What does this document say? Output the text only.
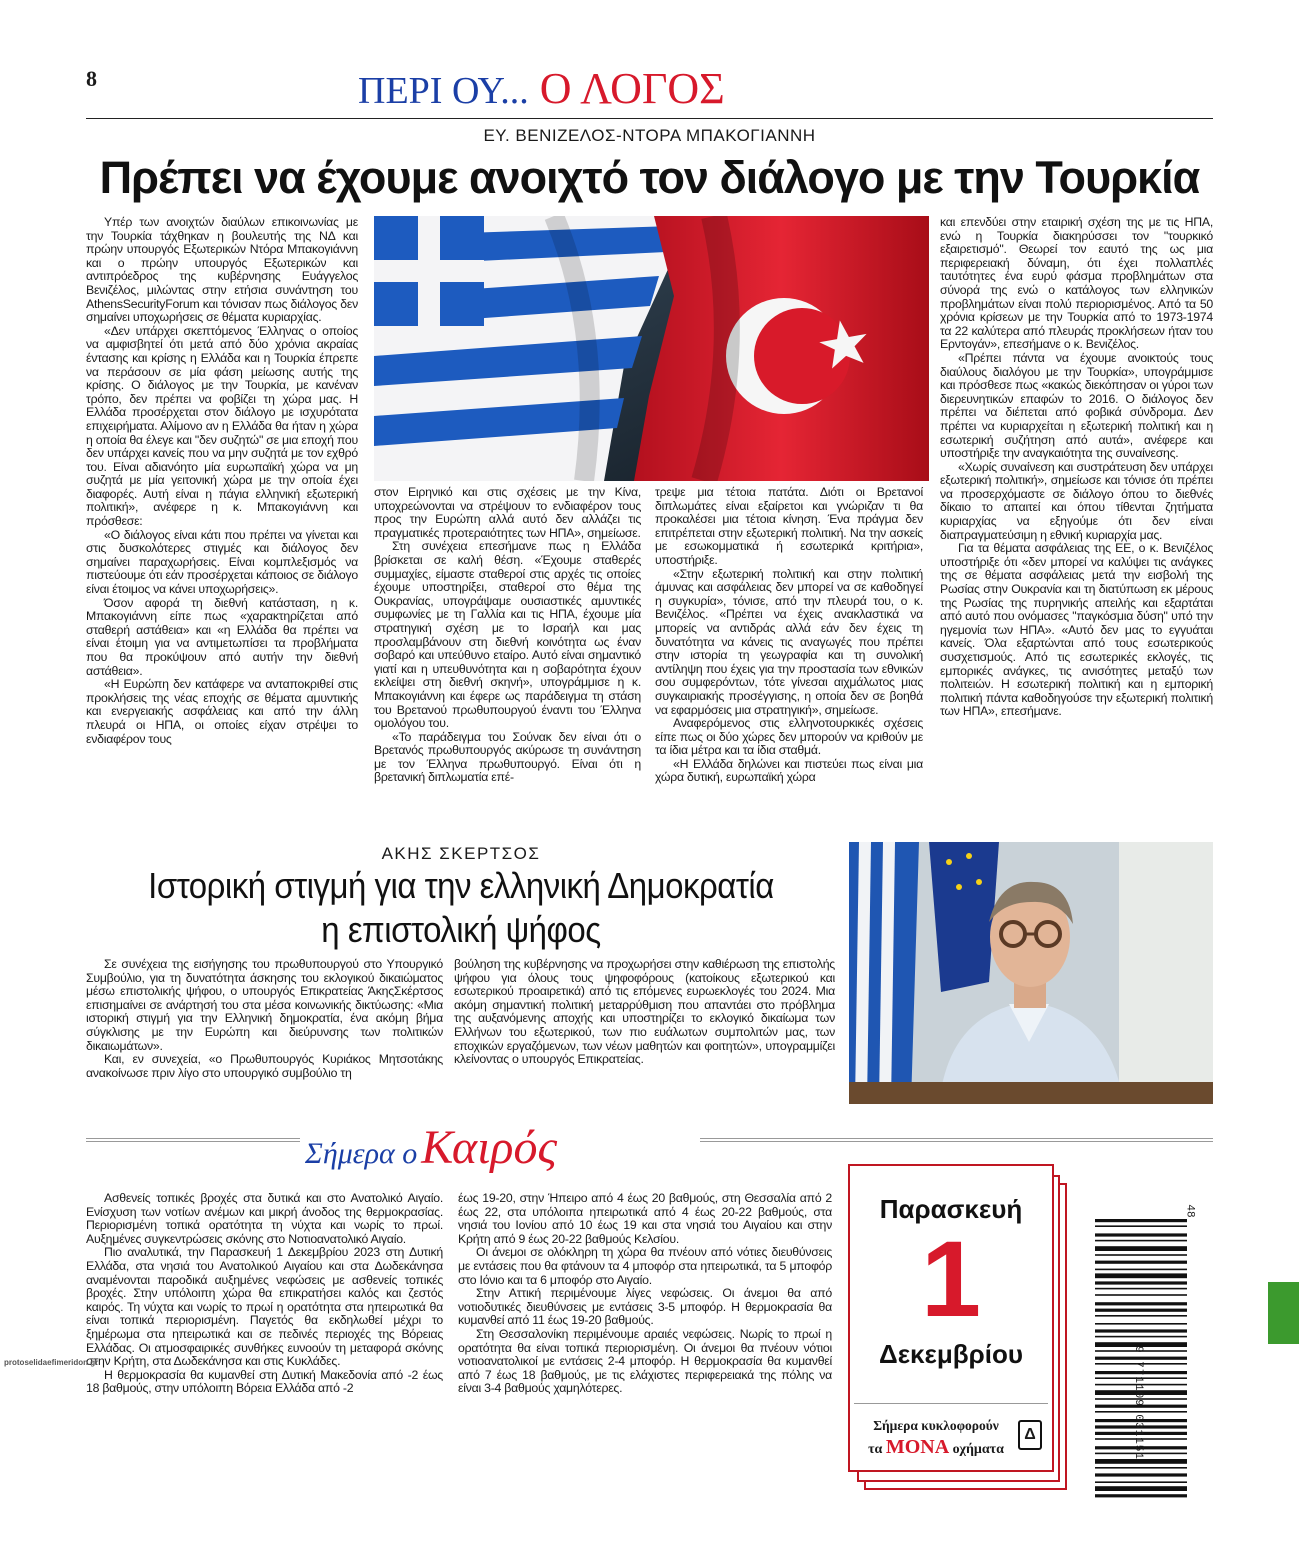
8	ΠΕΡΙ ΟΥ... Ο ΛΟΓΟΣ
ΕΥ. ΒΕΝΙΖΕΛΟΣ-ΝΤΟΡΑ ΜΠΑΚΟΓΙΑΝΝΗ
Πρέπει να έχουμε ανοιχτό τον διάλογο με την Τουρκία

Υπέρ των ανοιχτών διαύλων επικοινωνίας με την Τουρκία τάχθηκαν η βουλευτής της ΝΔ και πρώην υπουργός Εξωτερικών Ντόρα Μπακογιάννη και ο πρώην υπουργός Εξωτερικών και αντιπρόεδρος της κυβέρνησης Ευάγγελος Βενιζέλος, μιλώντας στην ετήσια συνάντηση του AthensSecurityForum και τόνισαν πως διάλογος δεν σημαίνει υποχωρήσεις σε θέματα κυριαρχίας.

«Δεν υπάρχει σκεπτόμενος Έλληνας ο οποίος να αμφισβητεί ότι μετά από δύο χρόνια ακραίας έντασης και κρίσης η Ελλάδα και η Τουρκία έπρεπε να περάσουν σε μία φάση μείωσης αυτής της κρίσης. Ο διάλογος με την Τουρκία, με κανέναν τρόπο, δεν πρέπει να φοβίζει τη χώρα μας. Η Ελλάδα προσέρχεται στον διάλογο με ισχυρότατα επιχειρήματα. Αλίμονο αν η Ελλάδα θα ήταν η χώρα η οποία θα έλεγε και "δεν συζητώ" σε μια εποχή που δεν υπάρχει κανείς που να μην συζητά με τον εχθρό του. Είναι αδιανόητο μία ευρωπαϊκή χώρα να μη συζητά με μία γειτονική χώρα με την οποία έχει διαφορές. Αυτή είναι η πάγια ελληνική εξωτερική πολιτική», ανέφερε η κ. Μπακογιάννη και πρόσθεσε:

«Ο διάλογος είναι κάτι που πρέπει να γίνεται και στις δυσκολότερες στιγμές και διάλογος δεν σημαίνει παραχωρήσεις. Είναι κομπλεξισμός να πιστεύουμε ότι εάν προσέρχεται κάποιος σε διάλογο είναι έτοιμος να κάνει υποχωρήσεις».

Όσον αφορά τη διεθνή κατάσταση, η κ. Μπακογιάννη είπε πως «χαρακτηρίζεται από σταθερή αστάθεια» και «η Ελλάδα θα πρέπει να είναι έτοιμη για να αντιμετωπίσει τα προβλήματα που θα προκύψουν από αυτήν την διεθνή αστάθεια».

«Η Ευρώπη δεν κατάφερε να ανταποκριθεί στις προκλήσεις της νέας εποχής σε θέματα αμυντικής και ενεργειακής ασφάλειας και από την άλλη πλευρά οι ΗΠΑ, οι οποίες είχαν στρέψει το ενδιαφέρον τους

στον Ειρηνικό και στις σχέσεις με την Κίνα, υποχρεώνονται να στρέψουν το ενδιαφέρον τους προς την Ευρώπη αλλά αυτό δεν αλλάζει τις πραγματικές προτεραιότητες των ΗΠΑ», σημείωσε.

Στη συνέχεια επεσήμανε πως η Ελλάδα βρίσκεται σε καλή θέση. «Έχουμε σταθερές συμμαχίες, είμαστε σταθεροί στις αρχές τις οποίες έχουμε υποστηρίξει, σταθεροί στο θέμα της Ουκρανίας, υπογράψαμε ουσιαστικές αμυντικές συμφωνίες με τη Γαλλία και τις ΗΠΑ, έχουμε μία στρατηγική σχέση με το Ισραήλ και μας προσλαμβάνουν στη διεθνή κοινότητα ως έναν σοβαρό και υπεύθυνο εταίρο. Αυτό είναι σημαντικό γιατί και η υπευθυνότητα και η σοβαρότητα έχουν εκλείψει στη διεθνή σκηνή», υπογράμμισε η κ. Μπακογιάννη και έφερε ως παράδειγμα τη στάση του Βρετανού πρωθυπουργού έναντι του Έλληνα ομολόγου του.

«Το παράδειγμα του Σούνακ δεν είναι ότι ο Βρετανός πρωθυπουργός ακύρωσε τη συνάντηση με τον Έλληνα πρωθυπουργό. Είναι ότι η βρετανική διπλωματία επέ-

τρεψε μια τέτοια πατάτα. Διότι οι Βρετανοί διπλωμάτες είναι εξαίρετοι και γνώριζαν τι θα προκαλέσει μια τέτοια κίνηση. Ένα πράγμα δεν επιτρέπεται στην εξωτερική πολιτική. Να την ασκείς με εσωκομματικά ή εσωτερικά κριτήρια», υποστήριξε.

«Στην εξωτερική πολιτική και στην πολιτική άμυνας και ασφάλειας δεν μπορεί να σε καθοδηγεί η συγκυρία», τόνισε, από την πλευρά του, ο κ. Βενιζέλος. «Πρέπει να έχεις ανακλαστικά να μπορείς να αντιδράς αλλά εάν δεν έχεις τη δυνατότητα να κάνεις τις αναγωγές που πρέπει στην ιστορία τη γεωγραφία και τη συνολική αντίληψη που έχεις για την προστασία των εθνικών σου συμφερόντων, τότε γίνεσαι αιχμάλωτος μιας συγκαιριακής προσέγγισης, η οποία δεν σε βοηθά να εφαρμόσεις μια στρατηγική», σημείωσε.

Αναφερόμενος στις ελληνοτουρκικές σχέσεις είπε πως οι δύο χώρες δεν μπορούν να κριθούν με τα ίδια μέτρα και τα ίδια σταθμά.

«Η Ελλάδα δηλώνει και πιστεύει πως είναι μια χώρα δυτική, ευρωπαϊκή χώρα

και επενδύει στην εταιρική σχέση της με τις ΗΠΑ, ενώ η Τουρκία διακηρύσσει τον "τουρκικό εξαιρετισμό". Θεωρεί τον εαυτό της ως μια περιφερειακή δύναμη, ότι έχει πολλαπλές ταυτότητες ένα ευρύ φάσμα προβλημάτων στα σύνορά της ενώ ο κατάλογος των ελληνικών προβλημάτων είναι πολύ περιορισμένος. Από τα 50 χρόνια κρίσεων με την Τουρκία από το 1973-1974 τα 22 καλύτερα από πλευράς προκλήσεων ήταν του Ερντογάν», επεσήμανε ο κ. Βενιζέλος.

«Πρέπει πάντα να έχουμε ανοικτούς τους διαύλους διαλόγου με την Τουρκία», υπογράμμισε και πρόσθεσε πως «κακώς διεκόπησαν οι γύροι των διερευνητικών επαφών το 2016. Ο διάλογος δεν πρέπει να διέπεται από φοβικά σύνδρομα. Δεν πρέπει να κυριαρχείται η εξωτερική πολιτική και η εσωτερική συζήτηση από αυτά», ανέφερε και υποστήριξε την αναγκαιότητα της συναίνεσης.

«Χωρίς συναίνεση και συστράτευση δεν υπάρχει εξωτερική πολιτική», σημείωσε και τόνισε ότι πρέπει να προσερχόμαστε σε διάλογο όπου το διεθνές δίκαιο το απαιτεί και όπου τίθενται ζητήματα κυριαρχίας να εξηγούμε ότι δεν είναι διαπραγματεύσιμη η εθνική κυριαρχία μας.

Για τα θέματα ασφάλειας της ΕΕ, ο κ. Βενιζέλος υποστήριξε ότι «δεν μπορεί να καλύψει τις ανάγκες της σε θέματα ασφάλειας μετά την εισβολή της Ρωσίας στην Ουκρανία και τη διατύπωση εκ μέρους της Ρωσίας της πυρηνικής απειλής και εξαρτάται από αυτό που ονόμασες "παγκόσμια δύση" υπό την ηγεμονία των ΗΠΑ». «Αυτό δεν μας το εγγυάται κανείς. Όλα εξαρτώνται από τους εσωτερικούς συσχετισμούς. Από τις εσωτερικές εκλογές, τις εμπορικές ανάγκες, τις ανισότητες μεταξύ των πολιτειών. Η εσωτερική πολιτική και η εμπορική πολιτική πάντα καθοδηγούσε την εξωτερική πολιτική των ΗΠΑ», επεσήμανε.

ΑΚΗΣ ΣΚΕΡΤΣΟΣ
Ιστορική στιγμή για την ελληνική Δημοκρατία
η επιστολική ψήφος

Σε συνέχεια της εισήγησης του πρωθυπουργού στο Υπουργικό Συμβούλιο, για τη δυνατότητα άσκησης του εκλογικού δικαιώματος μέσω επιστολικής ψήφου, ο υπουργός Επικρατείας ΆκηςΣκέρτσος επισημαίνει σε ανάρτησή του στα μέσα κοινωνικής δικτύωσης: «Μια ιστορική στιγμή για την Ελληνική δημοκρατία, ένα ακόμη βήμα σύγκλισης με την Ευρώπη και διεύρυνσης των πολιτικών δικαιωμάτων».

Και, εν συνεχεία, «ο Πρωθυπουργός Κυριάκος Μητσοτάκης ανακοίνωσε πριν λίγο στο υπουργικό συμβούλιο τη

βούληση της κυβέρνησης να προχωρήσει στην καθιέρωση της επιστολής ψήφου για όλους τους ψηφοφόρους (κατοίκους εξωτερικού και εσωτερικού προαιρετικά) από τις επόμενες ευρωεκλογές του 2024. Μια ακόμη σημαντική πολιτική μεταρρύθμιση που απαντάει στο πρόβλημα της αυξανόμενης αποχής και υποστηρίζει το εκλογικό δικαίωμα των Ελλήνων του εξωτερικού, των πιο ευάλωτων συμπολιτών μας, των εποχικών εργαζόμενων, των νέων μαθητών και φοιτητών», υπογραμμίζει κλείνοντας ο υπουργός Επικρατείας.

Σήμερα ο Καιρός

Ασθενείς τοπικές βροχές στα δυτικά και στο Ανατολικό Αιγαίο. Ενίσχυση των νοτίων ανέμων και μικρή άνοδος της θερμοκρασίας. Περιορισμένη τοπικά ορατότητα τη νύχτα και νωρίς το πρωί. Αυξημένες συγκεντρώσεις σκόνης στο Νοτιοανατολικό Αιγαίο.

Πιο αναλυτικά, την Παρασκευή 1 Δεκεμβρίου 2023 στη Δυτική Ελλάδα, στα νησιά του Ανατολικού Αιγαίου και στα Δωδεκάνησα αναμένονται παροδικά αυξημένες νεφώσεις με ασθενείς τοπικές βροχές. Στην υπόλοιπη χώρα θα επικρατήσει καλός και ζεστός καιρός. Τη νύχτα και νωρίς το πρωί η ορατότητα στα ηπειρωτικά θα είναι τοπικά περιορισμένη. Παγετός θα εκδηλωθεί μέχρι το ξημέρωμα στα ηπειρωτικά και σε πεδινές περιοχές της Βόρειας Ελλάδας. Οι ατμοσφαιρικές συνθήκες ευνοούν τη μεταφορά σκόνης στην Κρήτη, στα Δωδεκάνησα και στις Κυκλάδες.

Η θερμοκρασία θα κυμανθεί στη Δυτική Μακεδονία από -2 έως 18 βαθμούς, στην υπόλοιπη Βόρεια Ελλάδα από -2

έως 19-20, στην Ήπειρο από 4 έως 20 βαθμούς, στη Θεσσαλία από 2 έως 22, στα υπόλοιπα ηπειρωτικά από 4 έως 20-22 βαθμούς, στα νησιά του Ιονίου από 10 έως 19 και στα νησιά του Αιγαίου και στην Κρήτη από 9 έως 20-22 βαθμούς Κελσίου.

Οι άνεμοι σε ολόκληρη τη χώρα θα πνέουν από νότιες διευθύνσεις με εντάσεις που θα φτάνουν τα 4 μποφόρ στα ηπειρωτικά, τα 5 μποφόρ στο Ιόνιο και τα 6 μποφόρ στο Αιγαίο.

Στην Αττική περιμένουμε λίγες νεφώσεις. Οι άνεμοι θα από νοτιοδυτικές διευθύνσεις με εντάσεις 3-5 μποφόρ. Η θερμοκρασία θα κυμανθεί από 11 έως 19-20 βαθμούς.

Στη Θεσσαλονίκη περιμένουμε αραιές νεφώσεις. Νωρίς το πρωί η ορατότητα θα είναι τοπικά περιορισμένη. Οι άνεμοι θα πνέουν νότιοι νοτιοανατολικοί με εντάσεις 2-4 μποφόρ. Η θερμοκρασία θα κυμανθεί από 7 έως 18 βαθμούς, με τις ελάχιστες περιφερειακά της πόλης να είναι 3-4 βαθμούς χαμηλότερες.

Παρασκευή
1
Δεκεμβρίου
Σήμερα κυκλοφορούν
τα ΜΟΝΑ οχήματα
Δ	9 771109 031151
48
protoselidaefimeridon.gr
